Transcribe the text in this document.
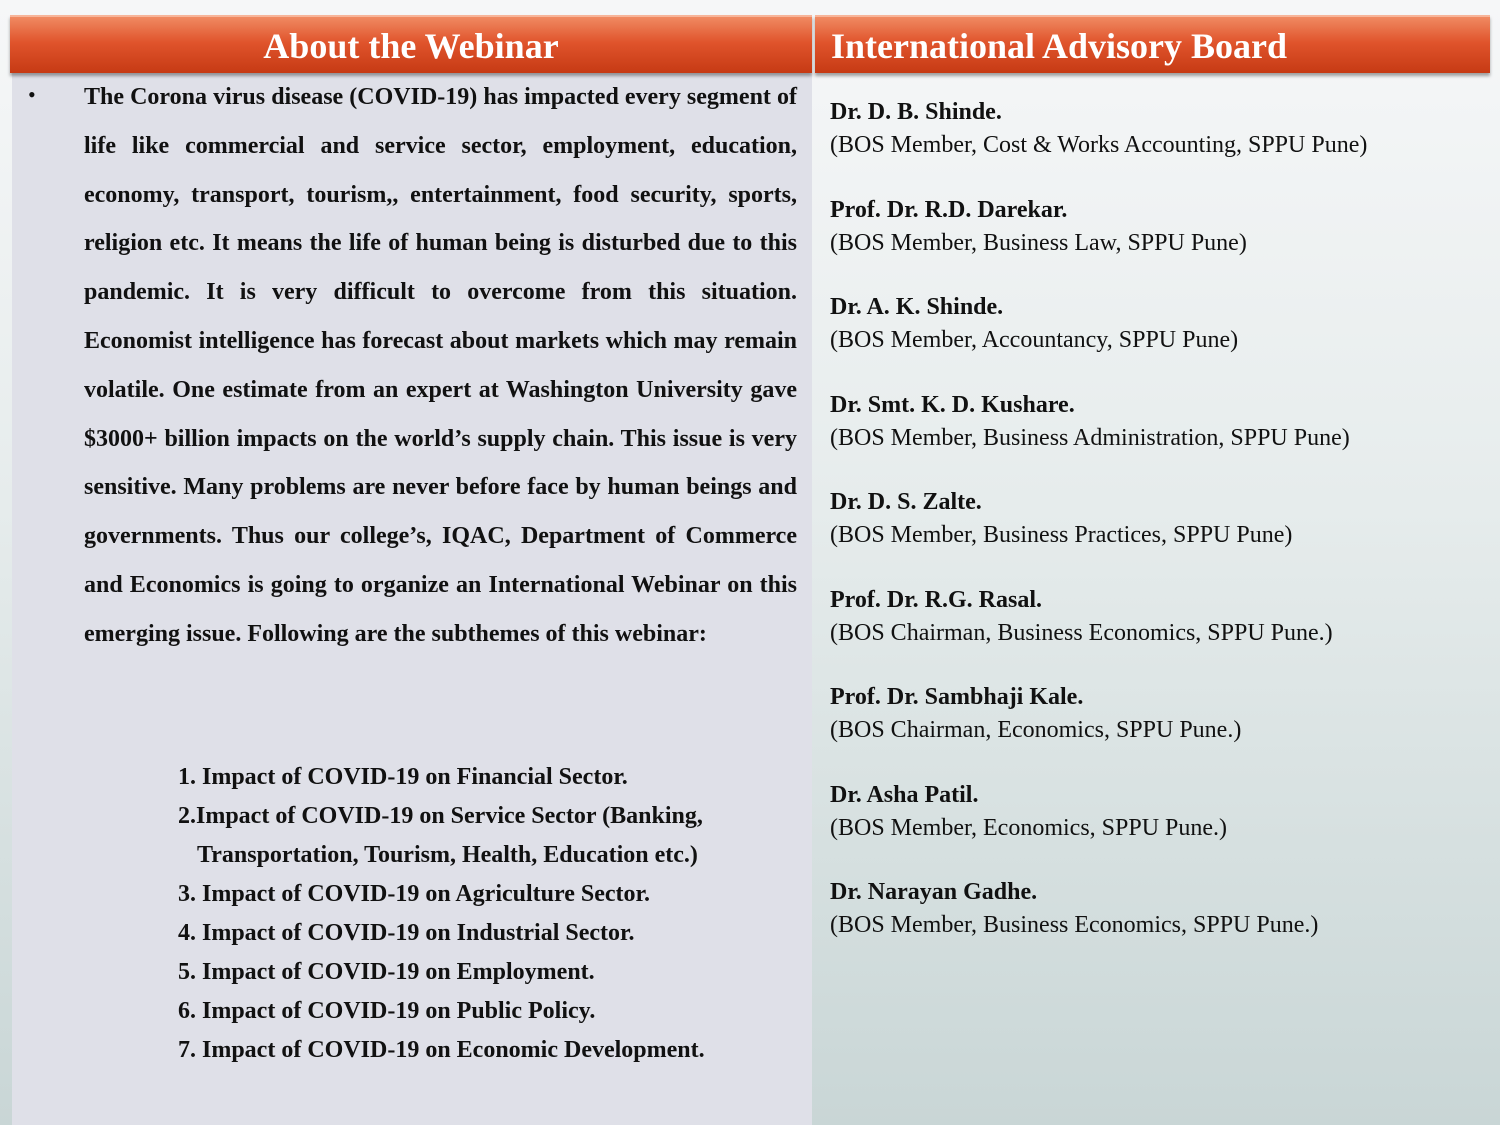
About the Webinar	International Advisory Board
• The Corona virus disease (COVID-19) has impacted every segment of life like commercial and service sector, employment, education, economy, transport, tourism,, entertainment, food security, sports, religion etc. It means the life of human being is disturbed due to this pandemic. It is very difficult to overcome from this situation. Economist intelligence has forecast about markets which may remain volatile. One estimate from an expert at Washington University gave $3000+ billion impacts on the world’s supply chain. This issue is very sensitive. Many problems are never before face by human beings and governments. Thus our college’s, IQAC, Department of Commerce and Economics is going to organize an International Webinar on this emerging issue. Following are the subthemes of this webinar:

1. Impact of COVID-19 on Financial Sector.
2.Impact of COVID-19 on Service Sector (Banking, Transportation, Tourism, Health, Education etc.)
3. Impact of COVID-19 on Agriculture Sector.
4. Impact of COVID-19 on Industrial Sector.
5. Impact of COVID-19 on Employment.
6. Impact of COVID-19 on Public Policy.
7. Impact of COVID-19 on Economic Development.
Dr. D. B. Shinde.
(BOS Member, Cost & Works Accounting, SPPU Pune)
Prof. Dr. R.D. Darekar.
(BOS Member, Business Law, SPPU Pune)
Dr. A. K. Shinde.
(BOS Member, Accountancy, SPPU Pune)
Dr. Smt. K. D. Kushare.
(BOS Member, Business Administration, SPPU Pune)
Dr. D. S. Zalte.
(BOS Member, Business Practices, SPPU Pune)
Prof. Dr. R.G. Rasal.
(BOS Chairman, Business Economics, SPPU Pune.)
Prof. Dr. Sambhaji Kale.
(BOS Chairman, Economics, SPPU Pune.)
Dr. Asha Patil.
(BOS Member, Economics, SPPU Pune.)
Dr. Narayan Gadhe.
(BOS Member, Business Economics, SPPU Pune.)
